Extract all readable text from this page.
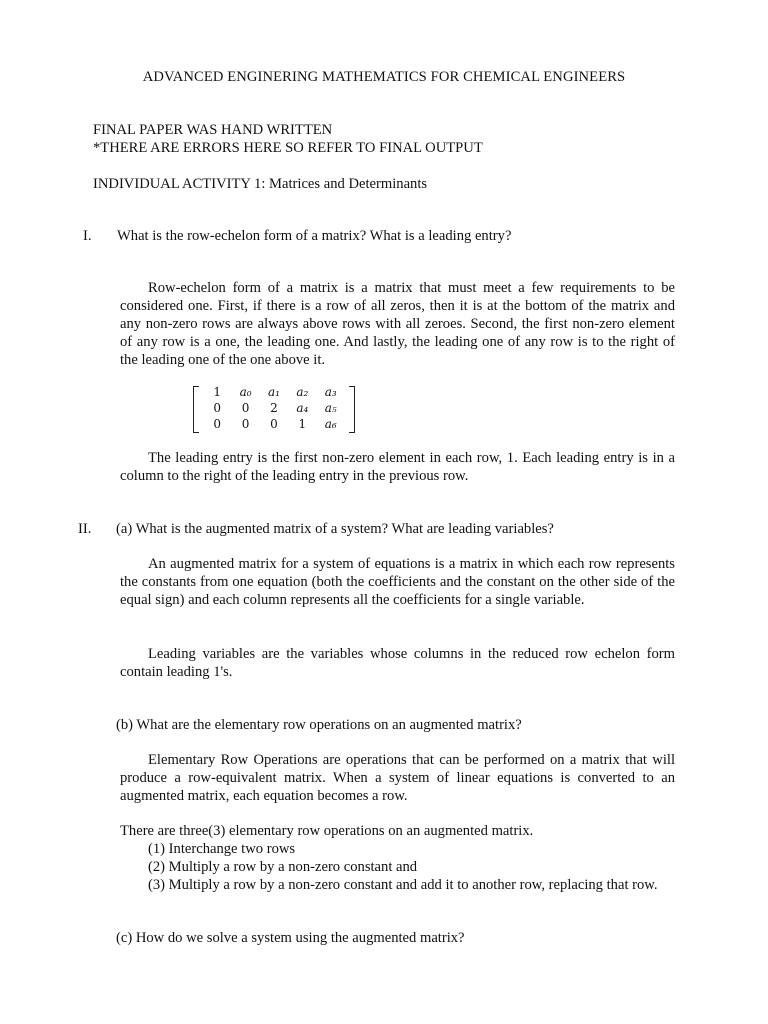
ADVANCED ENGINERING MATHEMATICS FOR CHEMICAL ENGINEERS
FINAL PAPER WAS HAND WRITTEN
*THERE ARE ERRORS HERE SO REFER TO FINAL OUTPUT
INDIVIDUAL ACTIVITY 1: Matrices and Determinants
I. What is the row-echelon form of a matrix? What is a leading entry?
Row-echelon form of a matrix is a matrix that must meet a few requirements to be considered one. First, if there is a row of all zeros, then it is at the bottom of the matrix and any non-zero rows are always above rows with all zeroes. Second, the first non-zero element of any row is a one, the leading one. And lastly, the leading one of any row is to the right of the leading one of the one above it.
1	a₀	a₁	a₂	a₃
0	0	2	a₄	a₅
0	0	0	1	a₆
The leading entry is the first non-zero element in each row, 1. Each leading entry is in a column to the right of the leading entry in the previous row.
II. (a) What is the augmented matrix of a system? What are leading variables?
An augmented matrix for a system of equations is a matrix in which each row represents the constants from one equation (both the coefficients and the constant on the other side of the equal sign) and each column represents all the coefficients for a single variable.
Leading variables are the variables whose columns in the reduced row echelon form contain leading 1's.
(b) What are the elementary row operations on an augmented matrix?
Elementary Row Operations are operations that can be performed on a matrix that will produce a row-equivalent matrix. When a system of linear equations is converted to an augmented matrix, each equation becomes a row.
There are three(3) elementary row operations on an augmented matrix.
(1) Interchange two rows
(2) Multiply a row by a non-zero constant and
(3) Multiply a row by a non-zero constant and add it to another row, replacing that row.
(c) How do we solve a system using the augmented matrix?
